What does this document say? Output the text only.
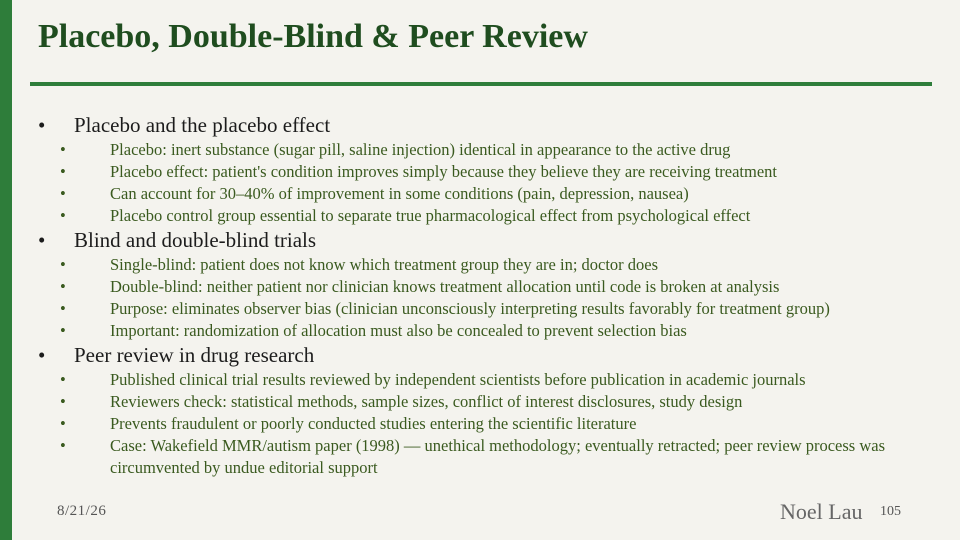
Placebo, Double-Blind & Peer Review
• Placebo and the placebo effect
•	Placebo: inert substance (sugar pill, saline injection) identical in appearance to the active drug
•	Placebo effect: patient's condition improves simply because they believe they are receiving treatment
•	Can account for 30–40% of improvement in some conditions (pain, depression, nausea)
•	Placebo control group essential to separate true pharmacological effect from psychological effect
• Blind and double-blind trials
•	Single-blind: patient does not know which treatment group they are in; doctor does
•	Double-blind: neither patient nor clinician knows treatment allocation until code is broken at analysis
•	Purpose: eliminates observer bias (clinician unconsciously interpreting results favorably for treatment group)
•	Important: randomization of allocation must also be concealed to prevent selection bias
• Peer review in drug research
•	Published clinical trial results reviewed by independent scientists before publication in academic journals
•	Reviewers check: statistical methods, sample sizes, conflict of interest disclosures, study design
•	Prevents fraudulent or poorly conducted studies entering the scientific literature
•	Case: Wakefield MMR/autism paper (1998) — unethical methodology; eventually retracted; peer review process was circumvented by undue editorial support
8/21/26	Noel Lau 105
